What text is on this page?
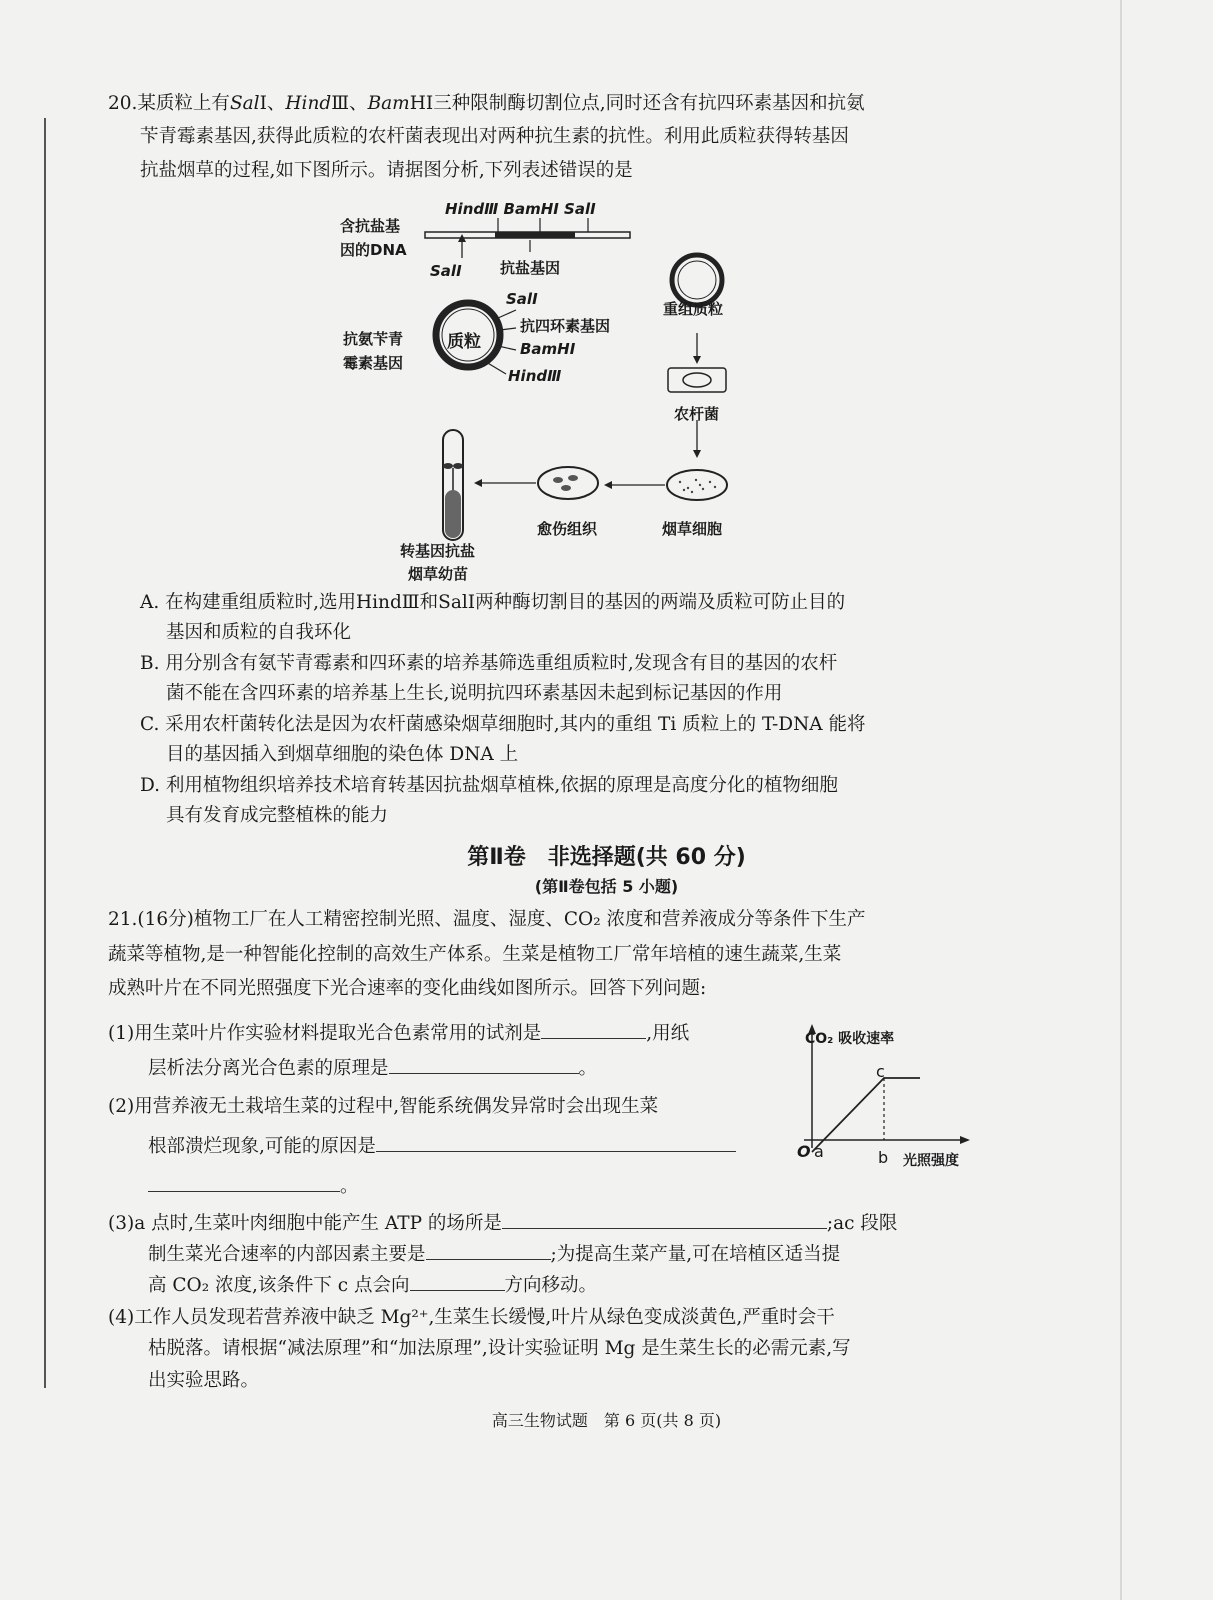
20.某质粒上有SalⅠ、HindⅢ、BamHⅠ三种限制酶切割位点,同时还含有抗四环素基因和抗氨
苄青霉素基因,获得此质粒的农杆菌表现出对两种抗生素的抗性。利用此质粒获得转基因
抗盐烟草的过程,如下图所示。请据图分析,下列表述错误的是
含抗盐基
因的DNA
HindⅢ BamHⅠ SalⅠ
SalⅠ	抗盐基因
重组质粒
质粒
SalⅠ
抗四环素基因
BamHⅠ
HindⅢ
抗氨苄青
霉素基因
农杆菌
愈伤组织	烟草细胞
转基因抗盐
烟草幼苗
A. 在构建重组质粒时,选用HindⅢ和SalⅠ两种酶切割目的基因的两端及质粒可防止目的
基因和质粒的自我环化
B. 用分别含有氨苄青霉素和四环素的培养基筛选重组质粒时,发现含有目的基因的农杆
菌不能在含四环素的培养基上生长,说明抗四环素基因未起到标记基因的作用
C. 采用农杆菌转化法是因为农杆菌感染烟草细胞时,其内的重组 Ti 质粒上的 T-DNA 能将
目的基因插入到烟草细胞的染色体 DNA 上
D. 利用植物组织培养技术培育转基因抗盐烟草植株,依据的原理是高度分化的植物细胞
具有发育成完整植株的能力
第Ⅱ卷　非选择题(共 60 分)
(第Ⅱ卷包括 5 小题)
21.(16分)植物工厂在人工精密控制光照、温度、湿度、CO₂ 浓度和营养液成分等条件下生产
蔬菜等植物,是一种智能化控制的高效生产体系。生菜是植物工厂常年培植的速生蔬菜,生菜
成熟叶片在不同光照强度下光合速率的变化曲线如图所示。回答下列问题:
(1)用生菜叶片作实验材料提取光合色素常用的试剂是	,用纸
层析法分离光合色素的原理是	。
(2)用营养液无土栽培生菜的过程中,智能系统偶发异常时会出现生菜
根部溃烂现象,可能的原因是
。
CO₂ 吸收速率
光照强度
O a	b
c
(3)a 点时,生菜叶肉细胞中能产生 ATP 的场所是	;ac 段限
制生菜光合速率的内部因素主要是	;为提高生菜产量,可在培植区适当提
高 CO₂ 浓度,该条件下 c 点会向	方向移动。
(4)工作人员发现若营养液中缺乏 Mg²⁺,生菜生长缓慢,叶片从绿色变成淡黄色,严重时会干
枯脱落。请根据“减法原理”和“加法原理”,设计实验证明 Mg 是生菜生长的必需元素,写
出实验思路。
高三生物试题　第 6 页(共 8 页)
